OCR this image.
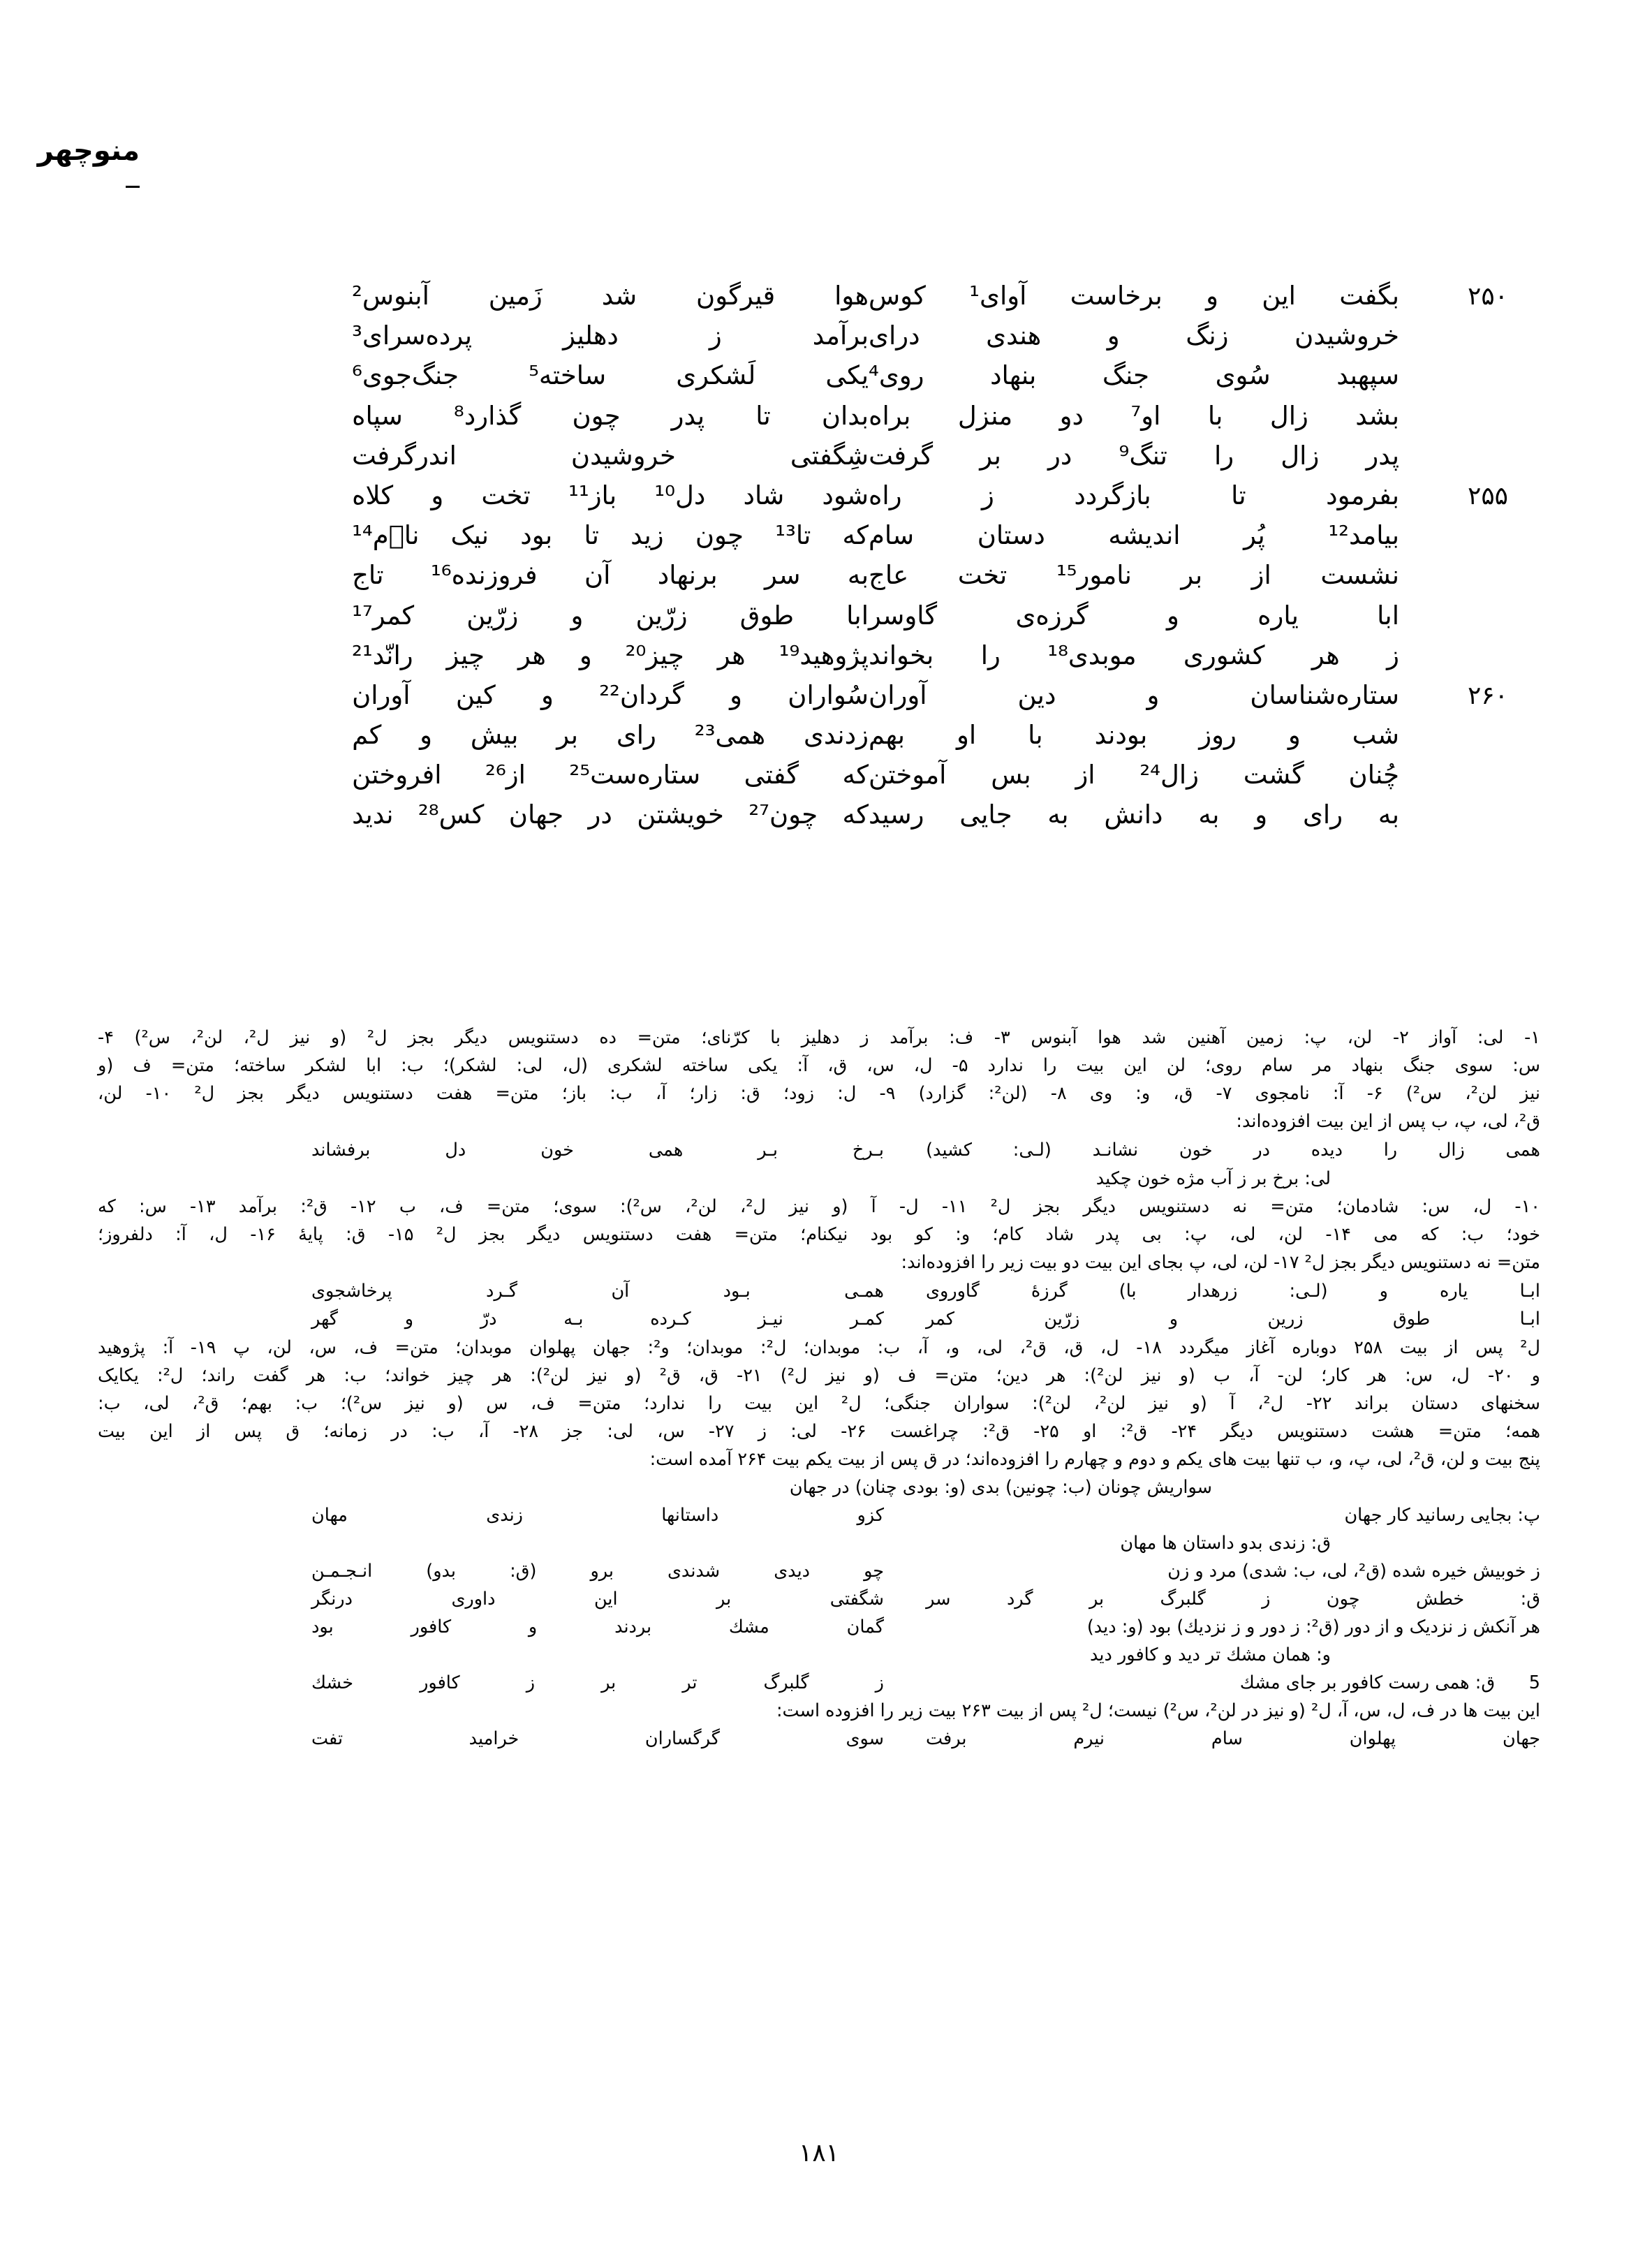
منوچهر
۲۵۰
بگفت
این
و
برخاست
آوای¹
کوس
هوا
قیرگون
شد
زَمین
آبنوس²
خروشیدن
زنگ
و
هندی
درای
برآمد
ز
دهلیز
پرده‌سرای³
سپهبد
سُوی
جنگ
بنهاد
روی⁴
یکی
لَشکری
ساخته⁵
جنگ‌جوی⁶
بشد
زال
با
او⁷
دو
منزل
براه
بدان
تا
پدر
چون
گذارد⁸
سپاه
پدر
زال
را
تنگ⁹
در
بر
گرفت
شِگفتی
خروشیدن
اندرگرفت
۲۵۵
بفرمود
تا
بازگردد
ز
راه
شود
شاد
دل¹⁰
باز¹¹
تخت
و
کلاه
بیامد¹²
پُر
اندیشه
دستان
سام
که
تا¹³
چون
زید
تا
بود
نیک
نا٘م¹⁴
نشست
از
بر
نامور¹⁵
تخت
عاج
به
سر
برنهاد
آن
فروزنده¹⁶
تاج
ابا
یاره
و
گرزه‌ی
گاوسر
ابا
طوق
زرّین
و
زرّین
کمر¹⁷
ز
هر
کشوری
موبدی¹⁸
را
بخواند
پژوهید¹⁹
هر
چیز²⁰
و
هر
چیز
رانّد²¹
۲۶۰
ستاره‌شناسان
و
دین
آوران
سُواران
و
گردان²²
و
کین
آوران
شب
و
روز
بودند
با
او
بهم
زدندی
همی²³
رای
بر
بیش
و
کم
چُنان
گشت
زال²⁴
از
بس
آموختن
که
گفتی
ستاره‌ست²⁵
از²⁶
افروختن
به
رای
و
به
دانش
به
جایی
رسید
که
چون²⁷
خویشتن
در
جهان
کس²⁸
ندید
۱- لی: آواز ۲- لن، پ: زمین آهنین شد هوا آبنوس ۳- ف: برآمد ز دهلیز با کرّنای؛ متن= ده دستنویس دیگر بجز ل² (و نیز ل²، لن²، س²) ۴-
س: سوی جنگ بنهاد مر سام روی؛ لن این بیت را ندارد ۵- ل، س، ق، آ: یکی ساخته لشکری (ل، لی: لشکر)؛ ب: ابا لشکر ساخته؛ متن= ف (و
نیز لن²، س²) ۶- آ: نامجوی ۷- ق، و: وی ۸- (لن²: گزارد) ۹- ل: زود؛ ق: زار؛ آ، ب: باز؛ متن= هفت دستنویس دیگر بجز ل² ۱۰- لن،
ق²، لی، پ، ب پس از این بیت افزوده‌اند:
همی
زال
را
دیده
در
خون
نشانـد
(لـی:
کشید)
بـرخ
بـر
همی
خون
دل
برفشاند
لی: برخ بر ز آب مژه خون چکید
۱۰- ل، س: شادمان؛ متن= نه دستنویس دیگر بجز ل² ۱۱- ل- آ (و نیز ل²، لن²، س²): سوی؛ متن= ف، ب ۱۲- ق²: برآمد ۱۳- س: که
خود؛ ب: که می ۱۴- لن، لی، پ: بی پدر شاد کام؛ و: کو بود نیکنام؛ متن= هفت دستنویس دیگر بجز ل² ۱۵- ق: پایهٔ ۱۶- ل، آ: دلفروز؛
متن= نه دستنویس دیگر بجز ل² ۱۷- لن، لی، پ بجای این بیت دو بیت زیر را افزوده‌اند:
ابـا
یاره
و
(لـی:
زرهدار
با)
گرزهٔ
گاوروی
همـی
بـود
آن
گـرد
پرخاشجوی
ابـا
طوق
زرین
و
زرّین
کمر
کمـر
نیـز
کـرده
بـه
درّ
و
گهر
ل² پس از بیت ۲۵۸ دوباره آغاز میگردد ۱۸- ل، ق، ق²، لی، و، آ، ب: موبدان؛ ل²: موبدان؛ و²: جهان پهلوان موبدان؛ متن= ف، س، لن، پ ۱۹- آ: پژوهید
و ۲۰- ل، س: هر کار؛ لن- آ، ب (و نیز لن²): هر دین؛ متن= ف (و نیز ل²) ۲۱- ق، ق² (و نیز لن²): هر چیز خواند؛ ب: هر گفت راند؛ ل²: یکایک
سخنهای دستان براند ۲۲- ل²، آ (و نیز لن²، لن²): سواران جنگی؛ ل² این بیت را ندارد؛ متن= ف، س (و نیز س²)؛ ب: بهم؛ ق²، لی، ب:
همه؛ متن= هشت دستنویس دیگر ۲۴- ق²: او ۲۵- ق²: چراغست ۲۶- لی: ز ۲۷- س، لی: جز ۲۸- آ، ب: در زمانه؛ ق پس از این بیت
پنج بیت و لن، ق²، لی، پ، و، ب تنها بیت های یکم و دوم و چهارم را افزوده‌اند؛ در ق پس از بیت یکم بیت ۲۶۴ آمده است:
سواریش چونان (ب: چونین) بدی (و: بودی چنان) در جهان
پ: بجایی رسانید کار جهان
کزو
داستانها
زندی
مهان
ق: زندی بدو داستان ها مهان
ز خوبیش خیره شده (ق²، لی، ب: شدی) مرد و زن
چو
دیدی
شدندی
برو
(ق:
بدو)
انـجـمـن
ق:
خطش
چون
ز
گلبرگ
بر
گرد
سر
شگفتی
بر
این
داوری
درنگر
هر آنکش ز نزدیک و از دور (ق²: ز دور و ز نزدیك) بود (و: دید)
گمان
مشك
بردند
و
كافور
بود
و: همان مشك تر دید و كافور دید
5      ق: همی رست كافور بر جای مشك
ز
گلبرگ
تر
بر
ز
كافور
خشك
این بیت ها در ف، ل، س، آ، ل² (و نیز در لن²، س²) نیست؛ ل² پس از بیت ۲۶۳ بیت زیر را افزوده است:
جهان
پهلوان
سام
نیرم
برفت
سوی
گرگساران
خرامید
تفت
۱۸۱
